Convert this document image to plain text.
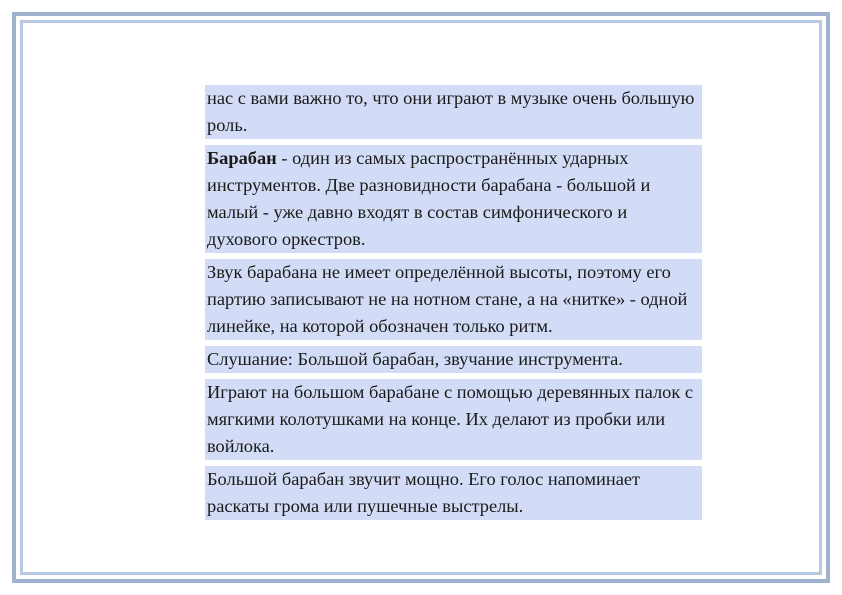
нас с вами важно то, что они играют в музыке очень большую роль.

Барабан - один из самых распространённых ударных инструментов. Две разновидности барабана - большой и малый - уже давно входят в состав симфонического и духового оркестров.

Звук барабана не имеет определённой высоты, поэтому его партию записывают не на нотном стане, а на «нитке» - одной линейке, на которой обозначен только ритм.

Слушание: Большой барабан, звучание инструмента.

Играют на большом барабане с помощью деревянных палок с мягкими колотушками на конце. Их делают из пробки или войлока.

Большой барабан звучит мощно. Его голос напоминает раскаты грома или пушечные выстрелы.
